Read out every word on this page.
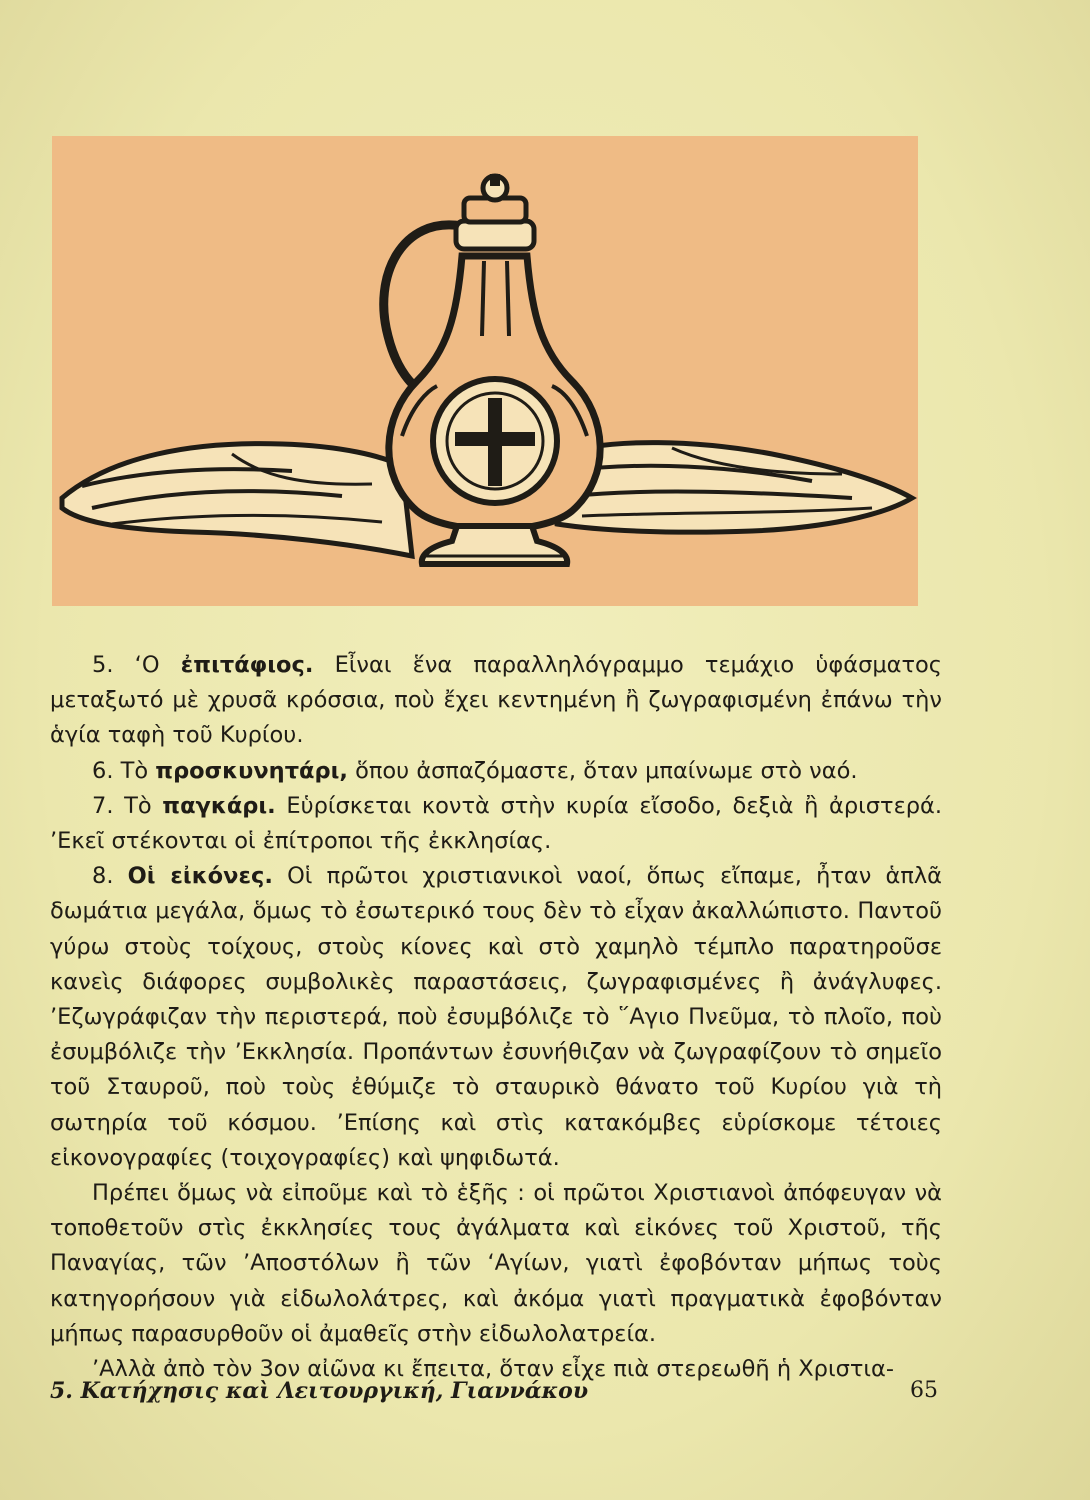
5. ‘Ο ἐπιτάφιος. Εἶναι ἕνα παραλληλόγραμμο τεμάχιο ὑφάσματος μεταξωτό μὲ χρυσᾶ κρόσσια, ποὺ ἔχει κεντημένη ἢ ζωγραφισμένη ἐπάνω τὴν ἁγία ταφὴ τοῦ Κυρίου.

6. Τὸ προσκυνητάρι, ὅπου ἀσπαζόμαστε, ὅταν μπαίνωμε στὸ ναό.

7. Τὸ παγκάρι. Εὑρίσκεται κοντὰ στὴν κυρία εἴσοδο, δεξιὰ ἢ ἀριστερά. ’Εκεῖ στέκονται οἱ ἐπίτροποι τῆς ἐκκλησίας.

8. Οἱ εἰκόνες. Οἱ πρῶτοι χριστιανικοὶ ναοί, ὅπως εἴπαμε, ἦταν ἁπλᾶ δωμάτια μεγάλα, ὅμως τὸ ἐσωτερικό τους δὲν τὸ εἶχαν ἀκαλλώπιστο. Παντοῦ γύρω στοὺς τοίχους, στοὺς κίονες καὶ στὸ χαμηλὸ τέμπλο παρατηροῦσε κανεὶς διάφορες συμβολικὲς παραστάσεις, ζωγραφισμένες ἢ ἀνάγλυφες. ’Εζωγράφιζαν τὴν περιστερά, ποὺ ἐσυμβόλιζε τὸ ῞Αγιο Πνεῦμα, τὸ πλοῖο, ποὺ ἐσυμβόλιζε τὴν ’Εκκλησία. Προπάντων ἐσυνήθιζαν νὰ ζωγραφίζουν τὸ σημεῖο τοῦ Σταυροῦ, ποὺ τοὺς ἐθύμιζε τὸ σταυρικὸ θάνατο τοῦ Κυρίου γιὰ τὴ σωτηρία τοῦ κόσμου. ’Επίσης καὶ στὶς κατακόμβες εὑρίσκομε τέτοιες εἰκονογραφίες (τοιχογραφίες) καὶ ψηφιδωτά.

Πρέπει ὅμως νὰ εἰποῦμε καὶ τὸ ἑξῆς : οἱ πρῶτοι Χριστιανοὶ ἀπόφευγαν νὰ τοποθετοῦν στὶς ἐκκλησίες τους ἀγάλματα καὶ εἰκόνες τοῦ Χριστοῦ, τῆς Παναγίας, τῶν ’Αποστόλων ἢ τῶν ‘Αγίων, γιατὶ ἐφοβόνταν μήπως τοὺς κατηγορήσουν γιὰ εἰδωλολάτρες, καὶ ἀκόμα γιατὶ πραγματικὰ ἐφοβόνταν μήπως παρασυρθοῦν οἱ ἀμαθεῖς στὴν εἰδωλολατρεία.

’Αλλὰ ἀπὸ τὸν 3ον αἰῶνα κι ἔπειτα, ὅταν εἶχε πιὰ στερεωθῆ ἡ Χριστια-

5. Κατήχησις καὶ Λειτουργική, Γιαννάκου	65
